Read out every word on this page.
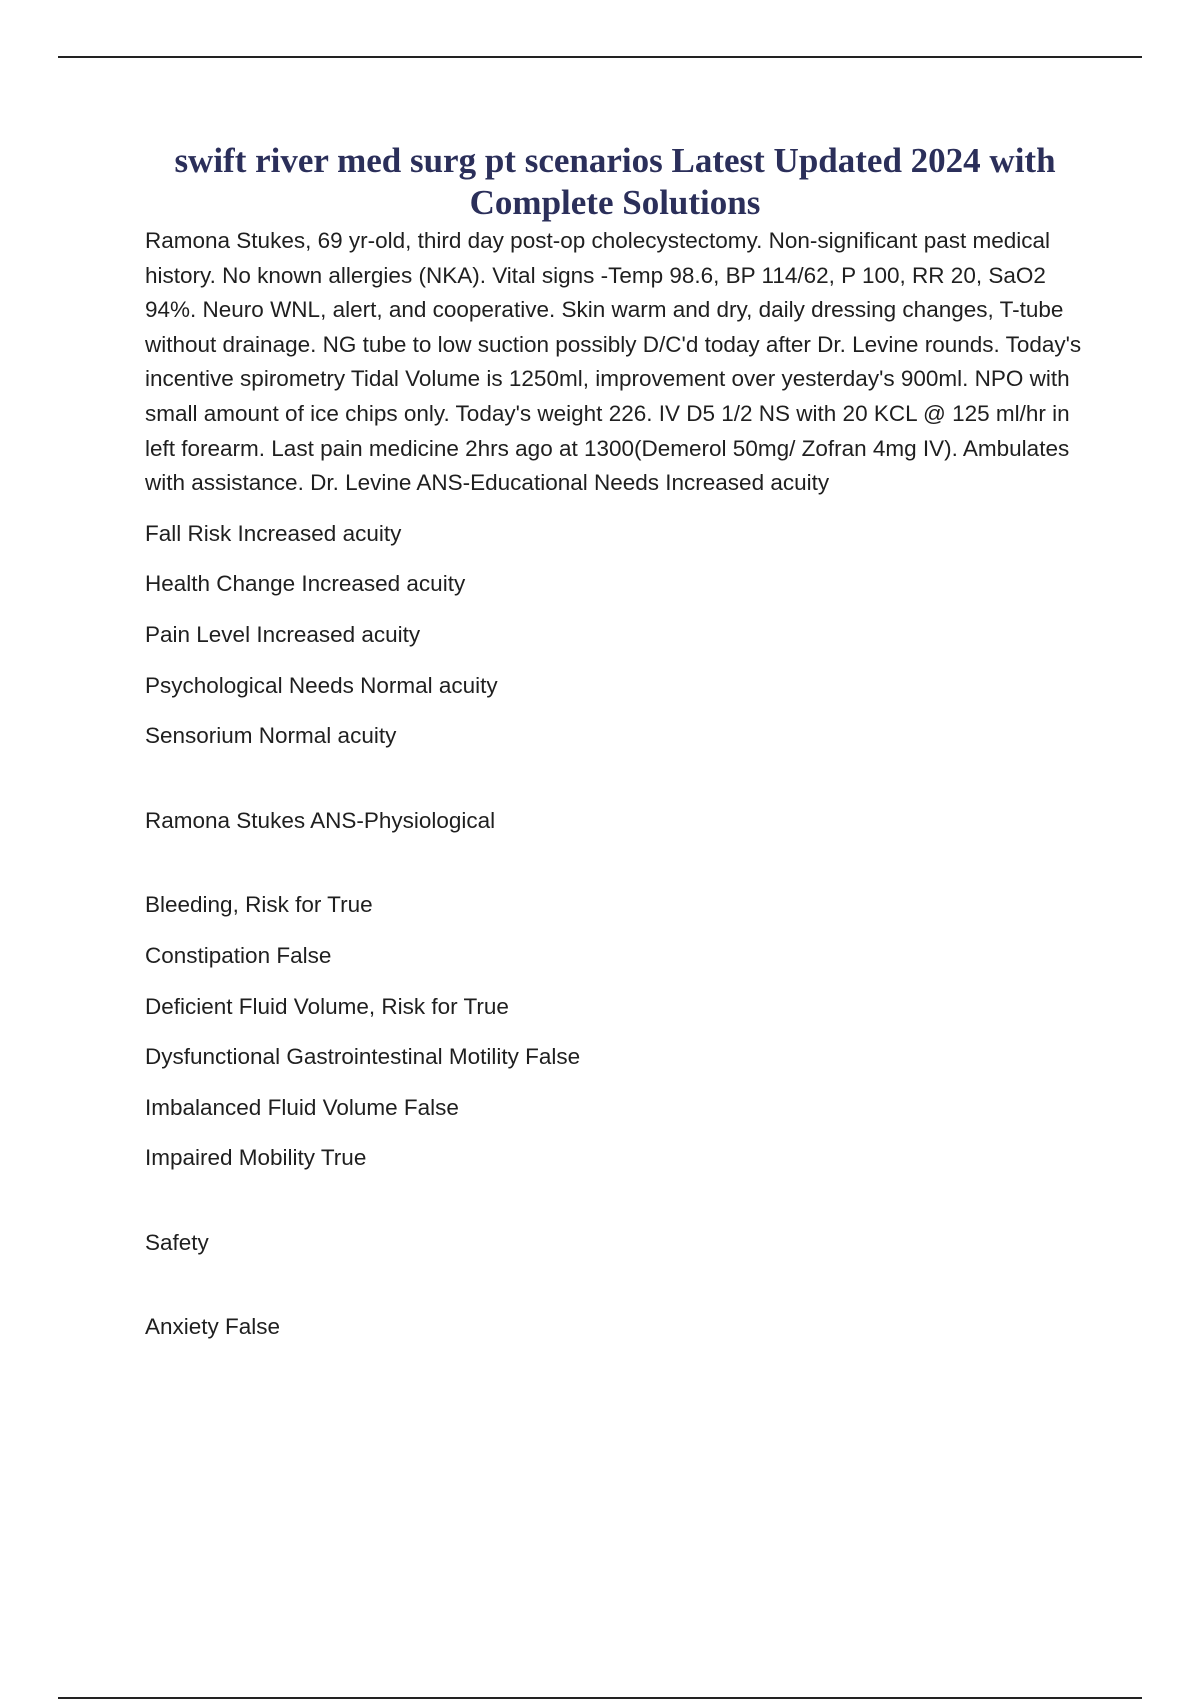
swift river med surg pt scenarios Latest Updated 2024 with Complete Solutions

Ramona Stukes, 69 yr-old, third day post-op cholecystectomy. Non-significant past medical history. No known allergies (NKA). Vital signs -Temp 98.6, BP 114/62, P 100, RR 20, SaO2 94%. Neuro WNL, alert, and cooperative. Skin warm and dry, daily dressing changes, T-tube without drainage. NG tube to low suction possibly D/C'd today after Dr. Levine rounds. Today's incentive spirometry Tidal Volume is 1250ml, improvement over yesterday's 900ml. NPO with small amount of ice chips only. Today's weight 226. IV D5 1/2 NS with 20 KCL @ 125 ml/hr in left forearm. Last pain medicine 2hrs ago at 1300(Demerol 50mg/ Zofran 4mg IV). Ambulates with assistance. Dr. Levine ANS-Educational Needs Increased acuity

Fall Risk Increased acuity

Health Change Increased acuity

Pain Level Increased acuity

Psychological Needs Normal acuity

Sensorium Normal acuity

Ramona Stukes ANS-Physiological

Bleeding, Risk for True

Constipation False

Deficient Fluid Volume, Risk for True

Dysfunctional Gastrointestinal Motility False

Imbalanced Fluid Volume False

Impaired Mobility True

Safety

Anxiety False
